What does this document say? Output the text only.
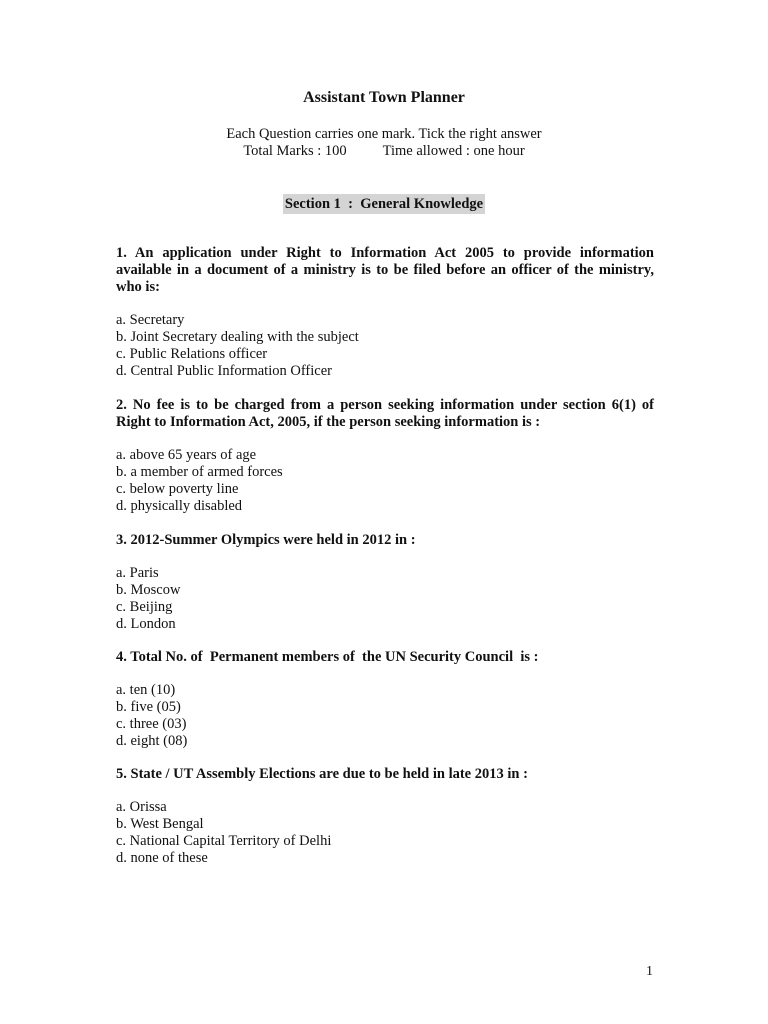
Assistant Town Planner
Each Question carries one mark. Tick the right answer
Total Marks : 100 Time allowed : one hour
Section 1  :  General Knowledge
1. An application under Right to Information Act 2005 to provide information available in a document of a ministry is to be filed before an officer of the ministry, who is:
a. Secretary
b. Joint Secretary dealing with the subject
c. Public Relations officer
d. Central Public Information Officer
2. No fee is to be charged from a person seeking information under section 6(1) of Right to Information Act, 2005, if the person seeking information is :
a. above 65 years of age
b. a member of armed forces
c. below poverty line
d. physically disabled
3. 2012-Summer Olympics were held in 2012 in :
a. Paris
b. Moscow
c. Beijing
d. London
4. Total No. of  Permanent members of  the UN Security Council  is :
a. ten (10)
b. five (05)
c. three (03)
d. eight (08)
5. State / UT Assembly Elections are due to be held in late 2013 in :
a. Orissa
b. West Bengal
c. National Capital Territory of Delhi
d. none of these
1
